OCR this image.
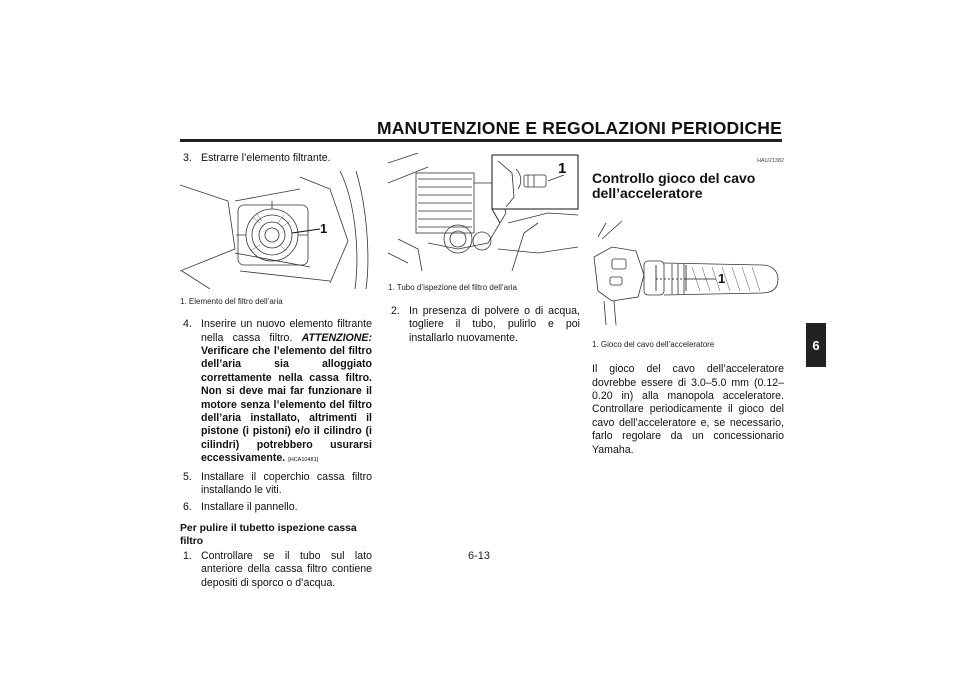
MANUTENZIONE E REGOLAZIONI PERIODICHE
6
3. Estrarre l’elemento filtrante.
1
1. Elemento del filtro dell’aria
4. Inserire un nuovo elemento filtrante nella cassa filtro. ATTENZIONE: Verificare che l’elemento del filtro dell’aria sia alloggiato correttamente nella cassa filtro. Non si deve mai far funzionare il motore senza l’elemento del filtro dell’aria installato, altrimenti il pistone (i pistoni) e/o il cilindro (i cilindri) potrebbero usurarsi eccessivamente. [HCA10481]
5. Installare il coperchio cassa filtro installando le viti.
6. Installare il pannello.
Per pulire il tubetto ispezione cassa filtro
1. Controllare se il tubo sul lato anteriore della cassa filtro contiene depositi di sporco o d’acqua.
1
1. Tubo d’ispezione del filtro dell’aria
2. In presenza di polvere o di acqua, togliere il tubo, pulirlo e poi installarlo nuovamente.
HAU21382
Controllo gioco del cavo dell’acceleratore
1
1. Gioco del cavo dell’acceleratore
Il gioco del cavo dell’acceleratore dovrebbe essere di 3.0–5.0 mm (0.12–0.20 in) alla manopola acceleratore. Controllare periodicamente il gioco del cavo dell’acceleratore e, se necessario, farlo regolare da un concessionario Yamaha.
6-13
